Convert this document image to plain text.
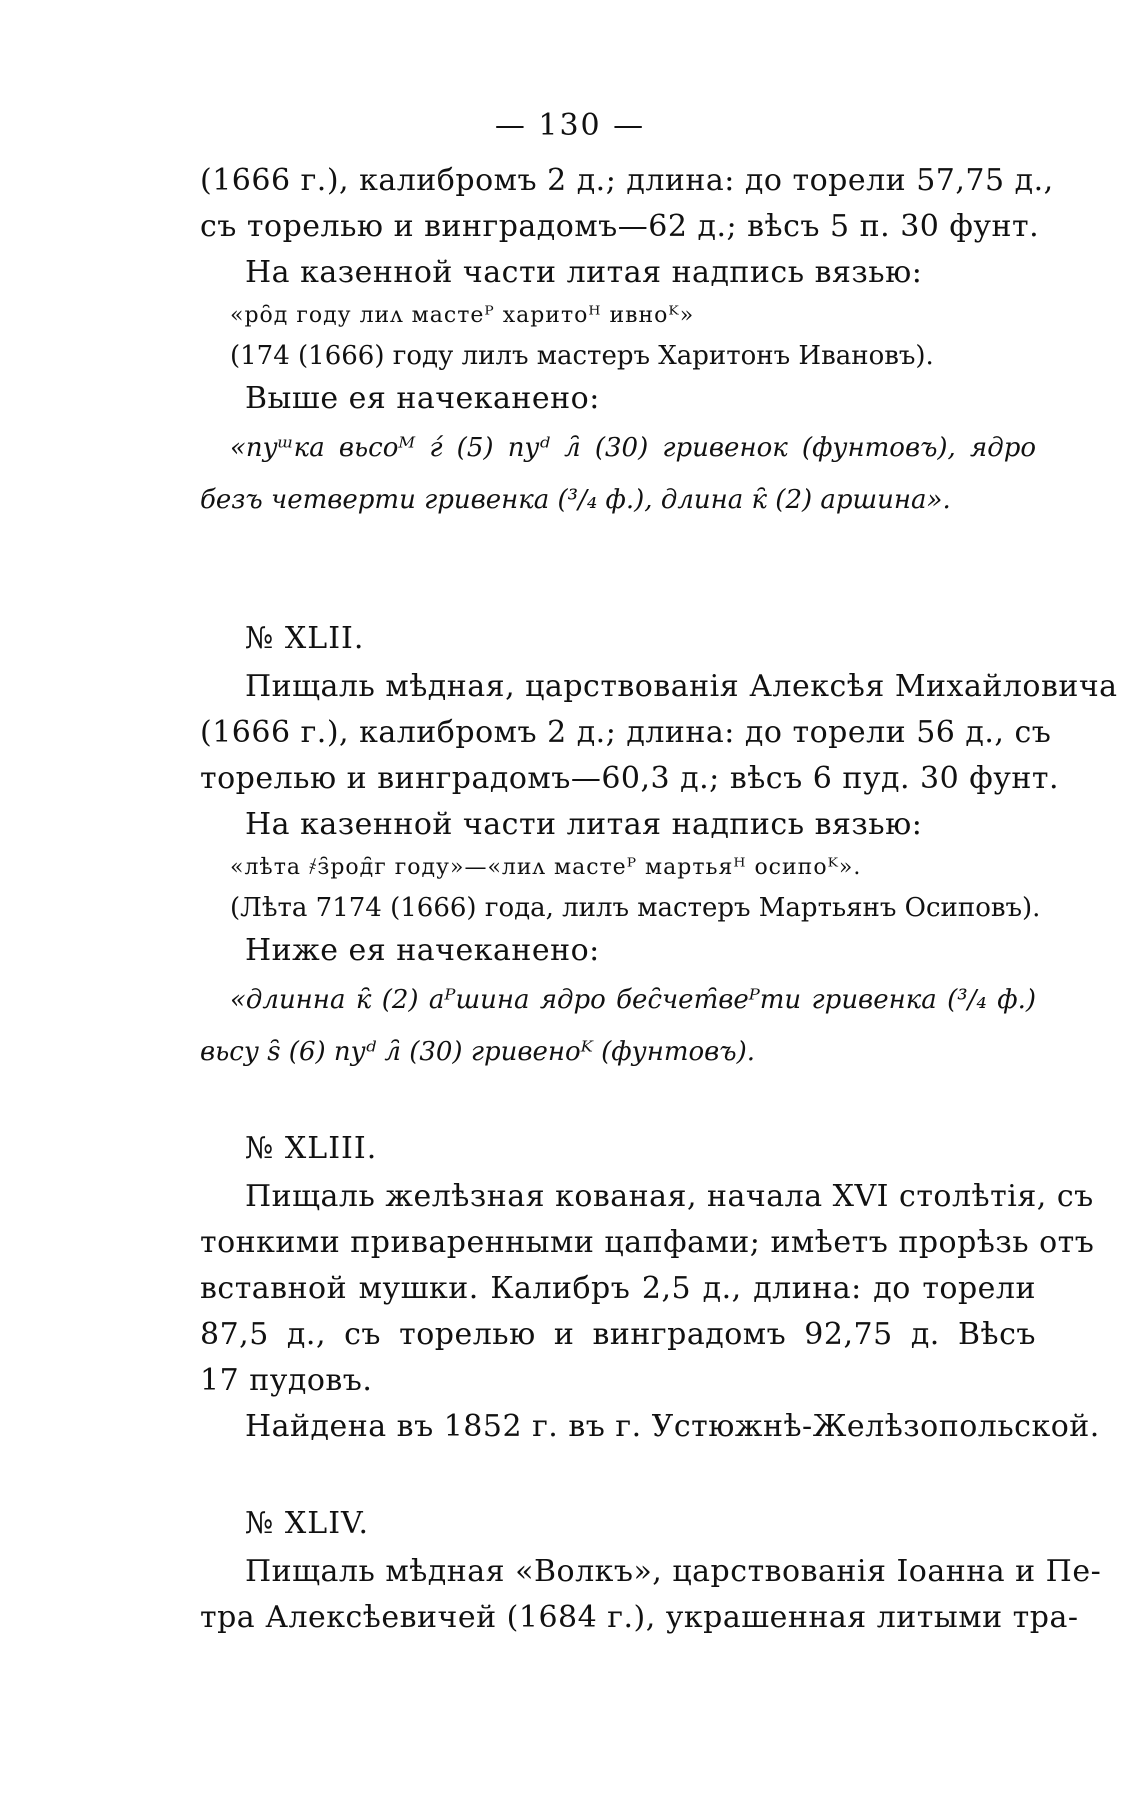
— 130 —
(1666 г.), калибромъ 2 д.; длина: до торели 57,75 д.,
съ торелью и винградомъ—62 д.; вѣсъ 5 п. 30 фунт.
На казенной части литая надпись вязью:
«ро̑д году лиᴧ мастеᴾ харитоᴴ ивноᴷ»
(174 (1666) году лилъ мастеръ Харитонъ Ивановъ).
Выше ея начеканено:
«пуᵚка вьсоᴹ ѓ (5) пуᵈ л̑ (30) гривенок (фунтовъ), ядро
безъ четверти гривенка (³/₄ ф.), длина к̑ (2) аршина».
№ XLII.
Пищаль мѣдная, царствованія Алексѣя Михайловича
(1666 г.), калибромъ 2 д.; длина: до торели 56 д., съ
торелью и винградомъ—60,3 д.; вѣсъ 6 пуд. 30 фунт.
На казенной части литая надпись вязью:
«лѣта ҂з̑род̑ᴦ году»—«лиᴧ мастеᴾ мартьяᴴ осипоᴷ».
(Лѣта 7174 (1666) года, лилъ мастеръ Мартьянъ Осиповъ).
Ниже ея начеканено:
«длинна к̑ (2) аᴾшина ядро бес̑чет̑веᴾти гривенка (³/₄ ф.)
вьсу ѕ̑ (6) пуᵈ л̑ (30) гривеноᴷ (фунтовъ).
№ XLIII.
Пищаль желѣзная кованая, начала XVI столѣтія, съ
тонкими приваренными цапфами; имѣетъ прорѣзь отъ
вставной мушки. Калибръ 2,5 д., длина: до торели
87,5 д., съ торелью и винградомъ 92,75 д. Вѣсъ
17 пудовъ.
Найдена въ 1852 г. въ г. Устюжнѣ-Желѣзопольской.
№ XLIV.
Пищаль мѣдная «Волкъ», царствованія Іоанна и Пе-
тра Алексѣевичей (1684 г.), украшенная литыми тра-
